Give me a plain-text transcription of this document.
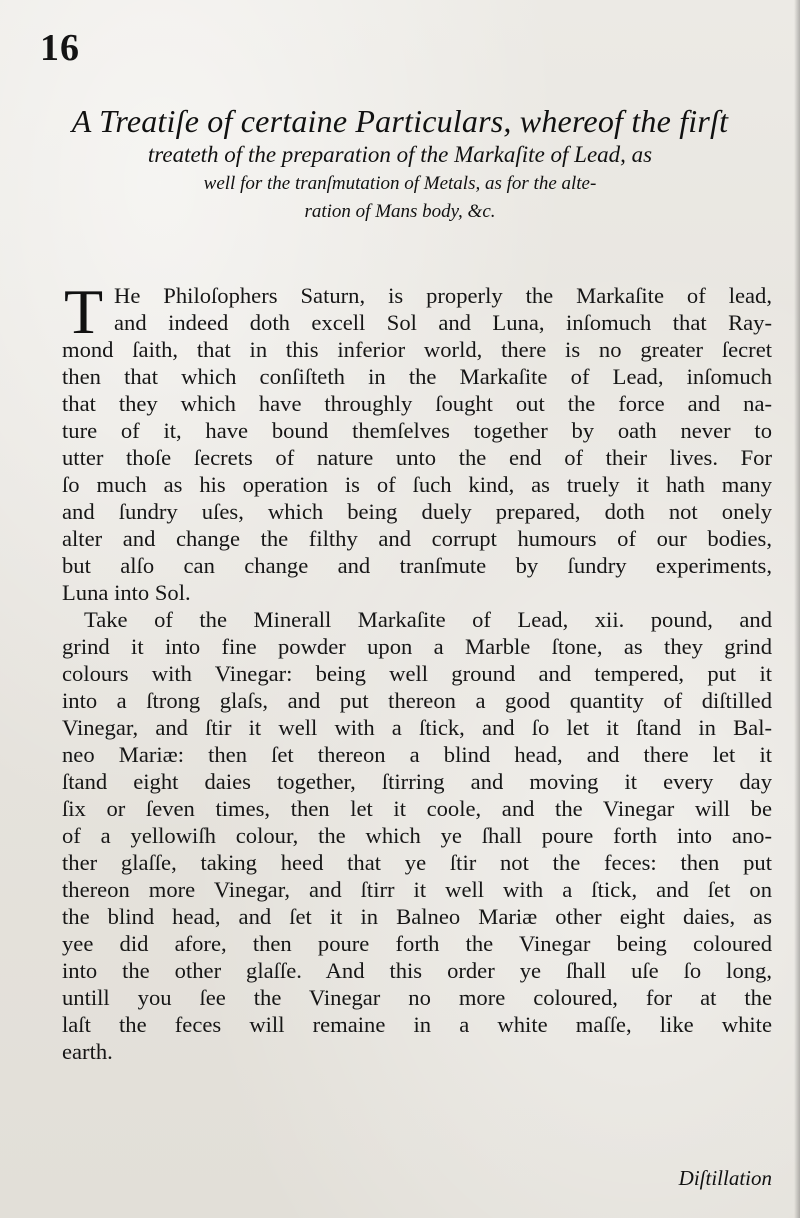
16
A Treatiſe of certaine Particulars, whereof the firſt
treateth of the preparation of the Markaſite of Lead, as
well for the tranſmutation of Metals, as for the alte-
ration of Mans body, &c.
T He Philoſophers Saturn, is properly the Markaſite of lead,
and indeed doth excell Sol and Luna, inſomuch that Ray-
mond ſaith, that in this inferior world, there is no greater ſecret
then that which conſiſteth in the Markaſite of Lead, inſomuch
that they which have throughly ſought out the force and na-
ture of it, have bound themſelves together by oath never to
utter thoſe ſecrets of nature unto the end of their lives. For
ſo much as his operation is of ſuch kind, as truely it hath many
and ſundry uſes, which being duely prepared, doth not onely
alter and change the filthy and corrupt humours of our bodies,
but alſo can change and tranſmute by ſundry experiments,
Luna into Sol.
Take of the Minerall Markaſite of Lead, xii. pound, and
grind it into fine powder upon a Marble ſtone, as they grind
colours with Vinegar: being well ground and tempered, put it
into a ſtrong glaſs, and put thereon a good quantity of diſtilled
Vinegar, and ſtir it well with a ſtick, and ſo let it ſtand in Bal-
neo Mariæ: then ſet thereon a blind head, and there let it
ſtand eight daies together, ſtirring and moving it every day
ſix or ſeven times, then let it coole, and the Vinegar will be
of a yellowiſh colour, the which ye ſhall poure forth into ano-
ther glaſſe, taking heed that ye ſtir not the feces: then put
thereon more Vinegar, and ſtirr it well with a ſtick, and ſet on
the blind head, and ſet it in Balneo Mariæ other eight daies, as
yee did afore, then poure forth the Vinegar being coloured
into the other glaſſe. And this order ye ſhall uſe ſo long,
untill you ſee the Vinegar no more coloured, for at the
laſt the feces will remaine in a white maſſe, like white
earth.
Diſtillation
